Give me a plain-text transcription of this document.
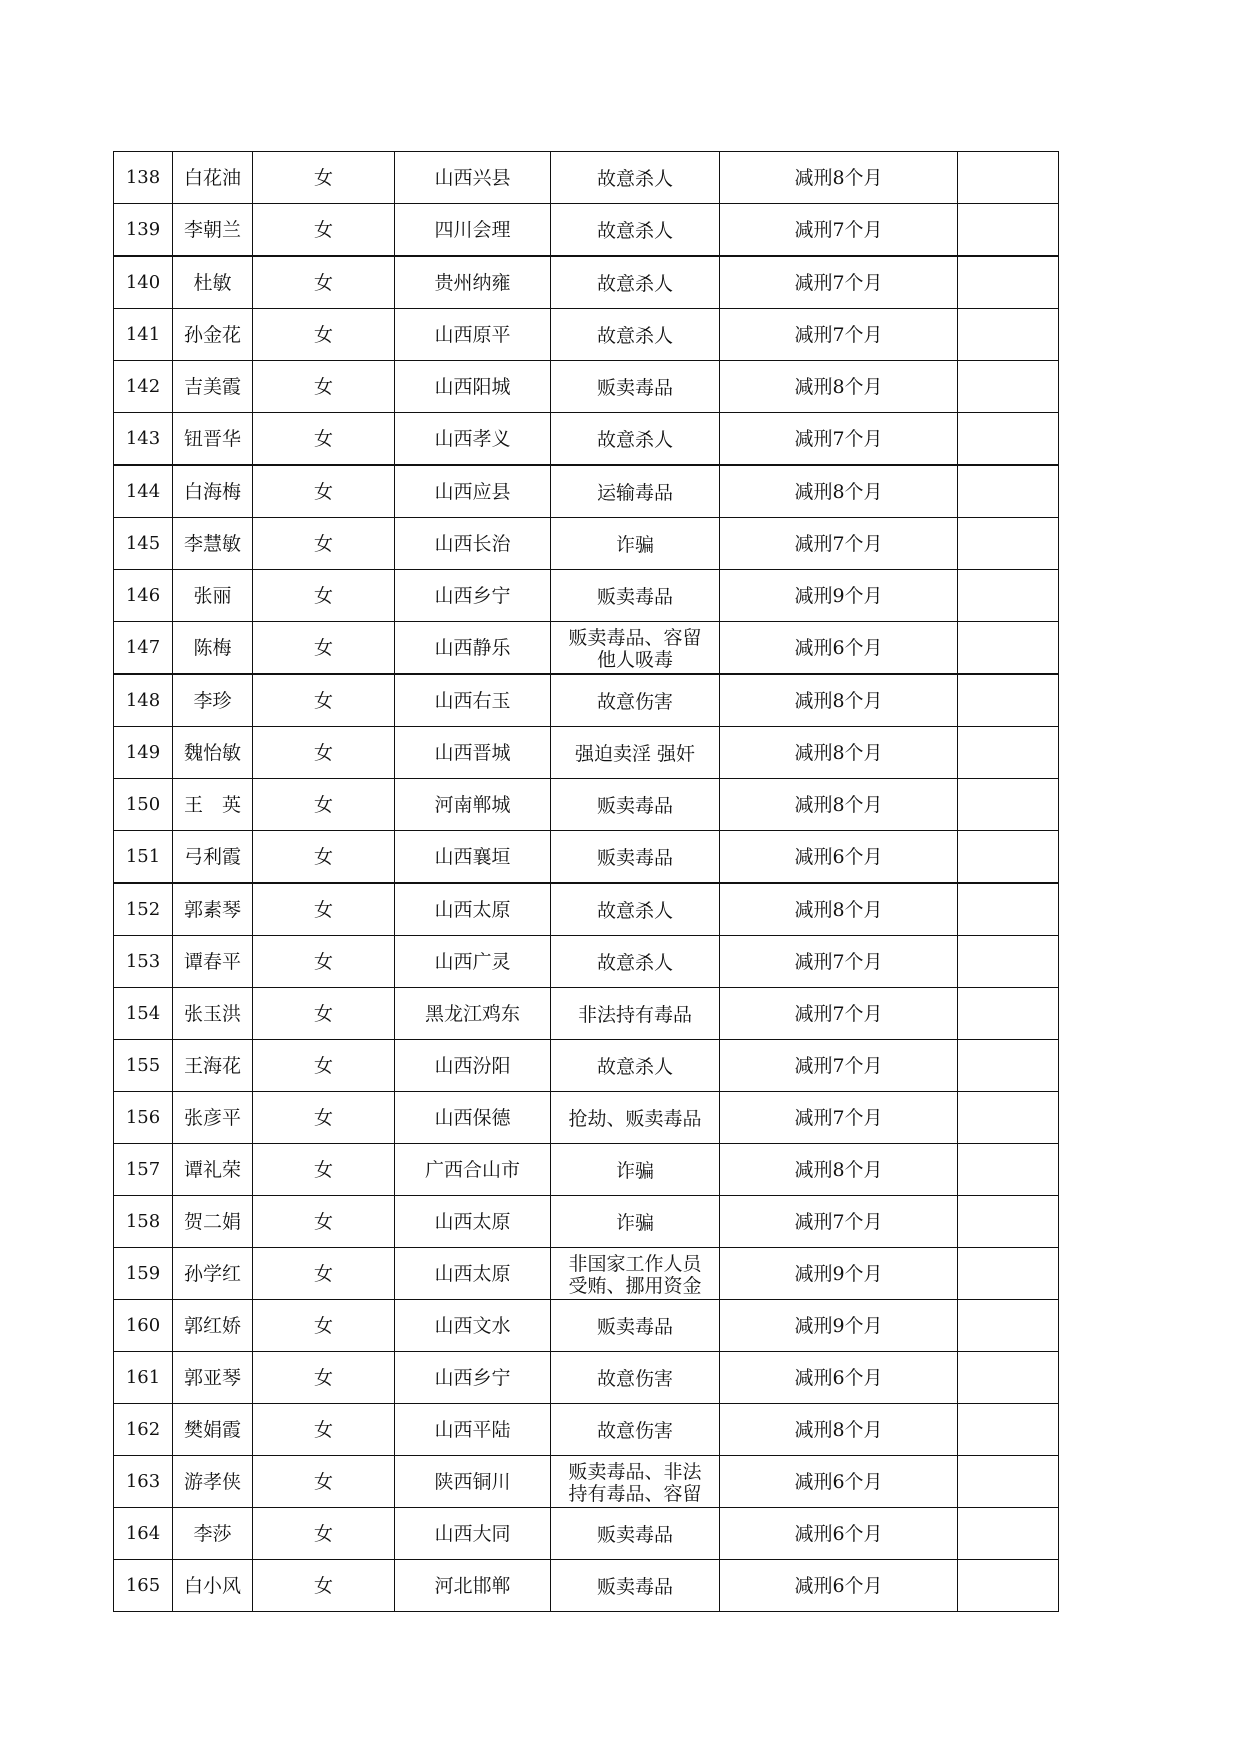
138	白花油	女	山西兴县	故意杀人	减刑8个月	
139	李朝兰	女	四川会理	故意杀人	减刑7个月	
140	杜敏	女	贵州纳雍	故意杀人	减刑7个月	
141	孙金花	女	山西原平	故意杀人	减刑7个月	
142	吉美霞	女	山西阳城	贩卖毒品	减刑8个月	
143	钮晋华	女	山西孝义	故意杀人	减刑7个月	
144	白海梅	女	山西应县	运输毒品	减刑8个月	
145	李慧敏	女	山西长治	诈骗	减刑7个月	
146	张丽	女	山西乡宁	贩卖毒品	减刑9个月	
147	陈梅	女	山西静乐	贩卖毒品、容留他人吸毒	减刑6个月	
148	李珍	女	山西右玉	故意伤害	减刑8个月	
149	魏怡敏	女	山西晋城	强迫卖淫 强奸	减刑8个月	
150	王　英	女	河南郸城	贩卖毒品	减刑8个月	
151	弓利霞	女	山西襄垣	贩卖毒品	减刑6个月	
152	郭素琴	女	山西太原	故意杀人	减刑8个月	
153	谭春平	女	山西广灵	故意杀人	减刑7个月	
154	张玉洪	女	黑龙江鸡东	非法持有毒品	减刑7个月	
155	王海花	女	山西汾阳	故意杀人	减刑7个月	
156	张彦平	女	山西保德	抢劫、贩卖毒品	减刑7个月	
157	谭礼荣	女	广西合山市	诈骗	减刑8个月	
158	贺二娟	女	山西太原	诈骗	减刑7个月	
159	孙学红	女	山西太原	非国家工作人员受贿、挪用资金	减刑9个月	
160	郭红娇	女	山西文水	贩卖毒品	减刑9个月	
161	郭亚琴	女	山西乡宁	故意伤害	减刑6个月	
162	樊娟霞	女	山西平陆	故意伤害	减刑8个月	
163	游孝侠	女	陕西铜川	贩卖毒品、非法持有毒品、容留	减刑6个月	
164	李莎	女	山西大同	贩卖毒品	减刑6个月	
165	白小风	女	河北邯郸	贩卖毒品	减刑6个月	
